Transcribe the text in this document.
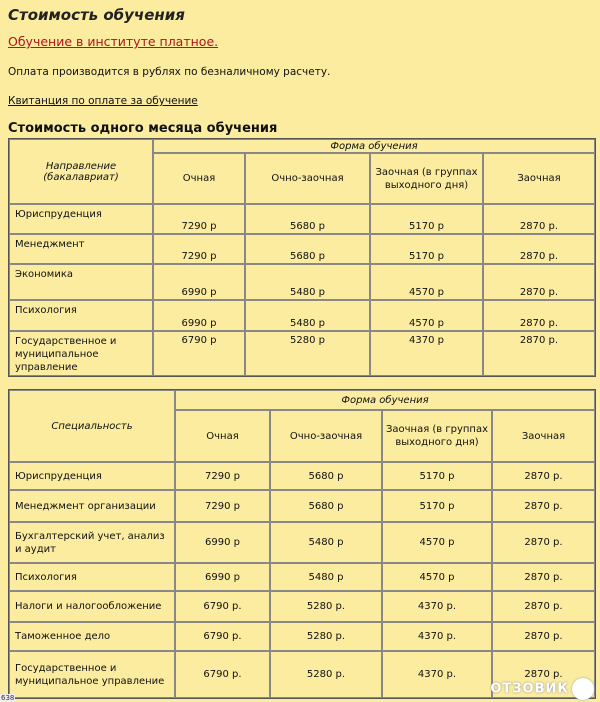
Стоимость обучения
Обучение в институте платное.
Оплата производится в рублях по безналичному расчету.
Квитанция по оплате за обучение
Стоимость одного месяца обучения
Направление (бакалавриат)	Форма обучения			
	Очная	Очно-заочная	Заочная (в группах выходного дня)	Заочная
Юриспруденция	7290 р	5680 р	5170 р	2870 р.
Менеджмент	7290 р	5680 р	5170 р	2870 р.
Экономика	6990 р	5480 р	4570 р	2870 р.
Психология	6990 р	5480 р	4570 р	2870 р.
Государственное и муниципальное управление	6790 р	5280 р	4370 р	2870 р.
Специальность	Форма обучения			
	Очная	Очно-заочная	Заочная (в группах выходного дня)	Заочная
Юриспруденция	7290 р	5680 р	5170 р	2870 р.
Менеджмент организации	7290 р	5680 р	5170 р	2870 р.
Бухгалтерский учет, анализ и аудит	6990 р	5480 р	4570 р	2870 р.
Психология	6990 р	5480 р	4570 р	2870 р.
Налоги и налогообложение	6790 р.	5280 р.	4370 р.	2870 р.
Таможенное дело	6790 р.	5280 р.	4370 р.	2870 р.
Государственное и муниципальное управление	6790 р.	5280 р.	4370 р.	2870 р.
ОТЗОВИК
638
